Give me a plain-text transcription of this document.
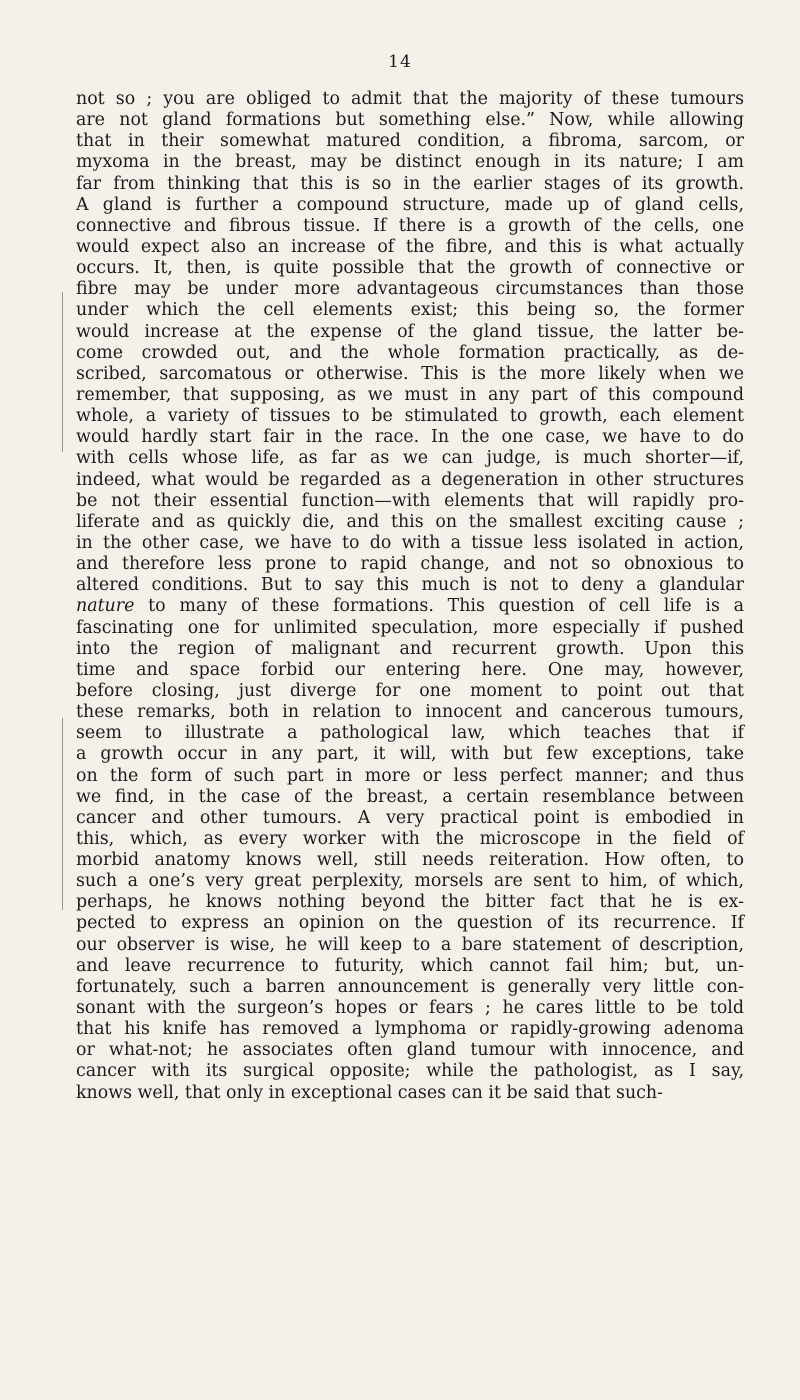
14
not so ; you are obliged to admit that the majority of these tumours
are not gland formations but something else.” Now, while allowing
that in their somewhat matured condition, a fibroma, sarcom, or
myxoma in the breast, may be distinct enough in its nature; I am
far from thinking that this is so in the earlier stages of its growth.
A gland is further a compound structure, made up of gland cells,
connective and fibrous tissue. If there is a growth of the cells, one
would expect also an increase of the fibre, and this is what actually
occurs. It, then, is quite possible that the growth of connective or
fibre may be under more advantageous circumstances than those
under which the cell elements exist; this being so, the former
would increase at the expense of the gland tissue, the latter be-
come crowded out, and the whole formation practically, as de-
scribed, sarcomatous or otherwise. This is the more likely when we
remember, that supposing, as we must in any part of this compound
whole, a variety of tissues to be stimulated to growth, each element
would hardly start fair in the race. In the one case, we have to do
with cells whose life, as far as we can judge, is much shorter—if,
indeed, what would be regarded as a degeneration in other structures
be not their essential function—with elements that will rapidly pro-
liferate and as quickly die, and this on the smallest exciting cause ;
in the other case, we have to do with a tissue less isolated in action,
and therefore less prone to rapid change, and not so obnoxious to
altered conditions. But to say this much is not to deny a glandular
nature to many of these formations. This question of cell life is a
fascinating one for unlimited speculation, more especially if pushed
into the region of malignant and recurrent growth. Upon this
time and space forbid our entering here. One may, however,
before closing, just diverge for one moment to point out that
these remarks, both in relation to innocent and cancerous tumours,
seem to illustrate a pathological law, which teaches that if
a growth occur in any part, it will, with but few exceptions, take
on the form of such part in more or less perfect manner; and thus
we find, in the case of the breast, a certain resemblance between
cancer and other tumours. A very practical point is embodied in
this, which, as every worker with the microscope in the field of
morbid anatomy knows well, still needs reiteration. How often, to
such a one’s very great perplexity, morsels are sent to him, of which,
perhaps, he knows nothing beyond the bitter fact that he is ex-
pected to express an opinion on the question of its recurrence. If
our observer is wise, he will keep to a bare statement of description,
and leave recurrence to futurity, which cannot fail him; but, un-
fortunately, such a barren announcement is generally very little con-
sonant with the surgeon’s hopes or fears ; he cares little to be told
that his knife has removed a lymphoma or rapidly-growing adenoma
or what-not; he associates often gland tumour with innocence, and
cancer with its surgical opposite; while the pathologist, as I say,
knows well, that only in exceptional cases can it be said that such-
